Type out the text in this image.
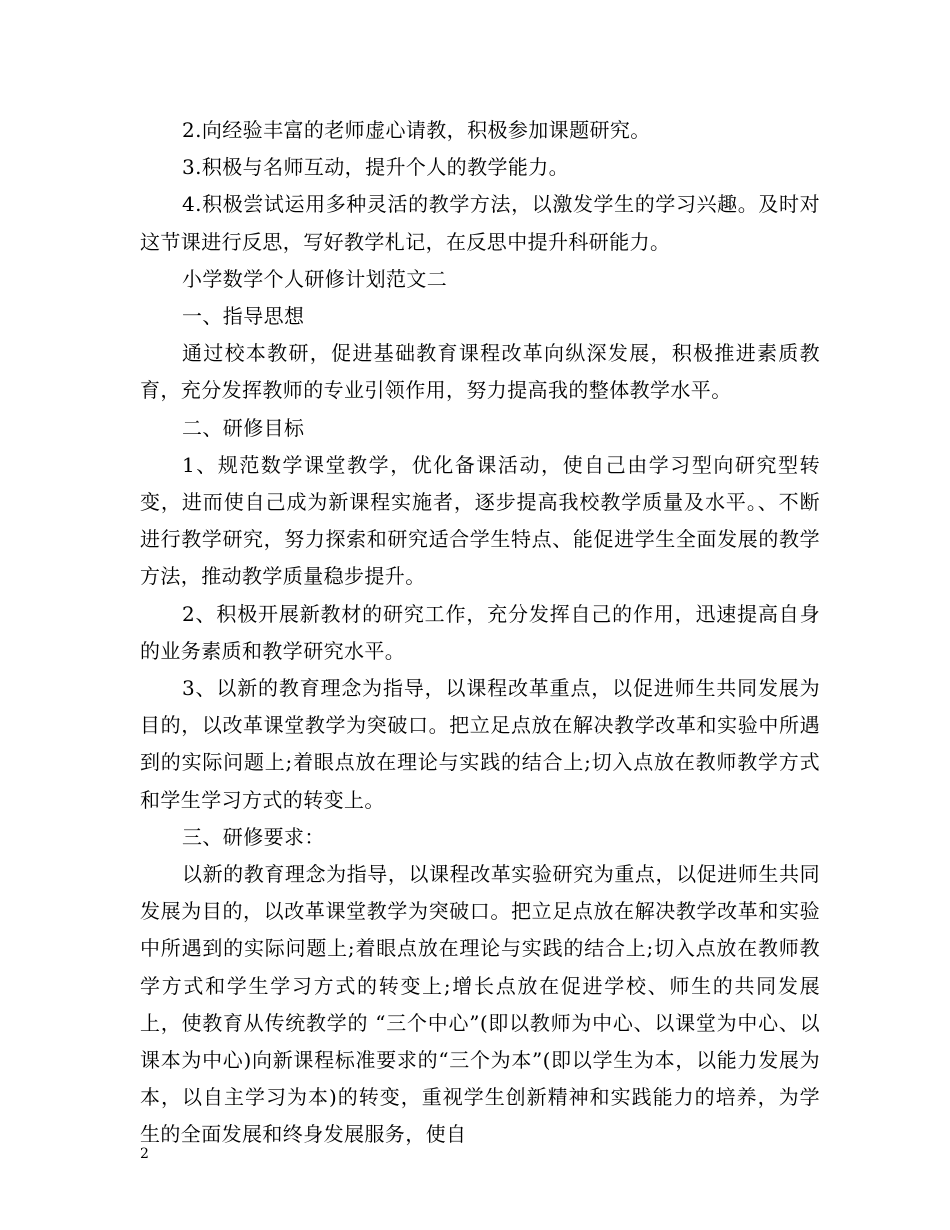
2.向经验丰富的老师虚心请教，积极参加课题研究。

3.积极与名师互动，提升个人的教学能力。

4.积极尝试运用多种灵活的教学方法，以激发学生的学习兴趣。及时对这节课进行反思，写好教学札记，在反思中提升科研能力。

小学数学个人研修计划范文二

一、指导思想

通过校本教研，促进基础教育课程改革向纵深发展，积极推进素质教育，充分发挥教师的专业引领作用，努力提高我的整体教学水平。

二、研修目标

1、规范数学课堂教学，优化备课活动，使自己由学习型向研究型转变，进而使自己成为新课程实施者，逐步提高我校教学质量及水平。、不断进行教学研究，努力探索和研究适合学生特点、能促进学生全面发展的教学方法，推动教学质量稳步提升。

2、积极开展新教材的研究工作，充分发挥自己的作用，迅速提高自身的业务素质和教学研究水平。

3、以新的教育理念为指导，以课程改革重点，以促进师生共同发展为目的，以改革课堂教学为突破口。把立足点放在解决教学改革和实验中所遇到的实际问题上;着眼点放在理论与实践的结合上;切入点放在教师教学方式和学生学习方式的转变上。

三、研修要求：

以新的教育理念为指导，以课程改革实验研究为重点，以促进师生共同发展为目的，以改革课堂教学为突破口。把立足点放在解决教学改革和实验中所遇到的实际问题上;着眼点放在理论与实践的结合上;切入点放在教师教学方式和学生学习方式的转变上;增长点放在促进学校、师生的共同发展上，使教育从传统教学的 “三个中心”(即以教师为中心、以课堂为中心、以课本为中心)向新课程标准要求的“三个为本”(即以学生为本，以能力发展为本，以自主学习为本)的转变，重视学生创新精神和实践能力的培养，为学生的全面发展和终身发展服务，使自

2
